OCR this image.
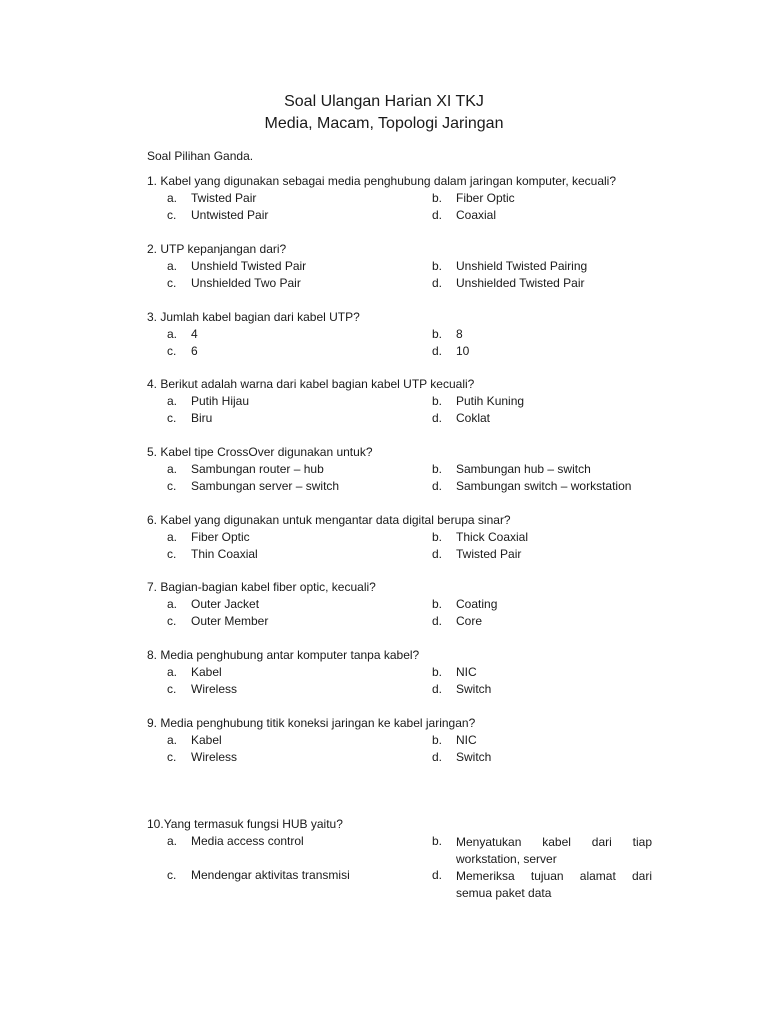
Soal Ulangan Harian XI TKJ
Media, Macam, Topologi Jaringan
Soal Pilihan Ganda.
1. Kabel yang digunakan sebagai media penghubung dalam jaringan komputer, kecuali?
a.	Twisted Pair	b.	Fiber Optic
c.	Untwisted Pair	d.	Coaxial
2. UTP kepanjangan dari?
a.	Unshield Twisted Pair	b.	Unshield Twisted Pairing
c.	Unshielded Two Pair	d.	Unshielded Twisted Pair
3. Jumlah kabel bagian dari kabel UTP?
a.	4	b.	8
c.	6	d.	10
4. Berikut adalah warna dari kabel bagian kabel UTP kecuali?
a.	Putih Hijau	b.	Putih Kuning
c.	Biru	d.	Coklat
5. Kabel tipe CrossOver digunakan untuk?
a.	Sambungan router – hub	b.	Sambungan hub – switch
c.	Sambungan server – switch	d.	Sambungan switch – workstation
6. Kabel yang digunakan untuk mengantar data digital berupa sinar?
a.	Fiber Optic	b.	Thick Coaxial
c.	Thin Coaxial	d.	Twisted Pair
7. Bagian-bagian kabel fiber optic, kecuali?
a.	Outer Jacket	b.	Coating
c.	Outer Member	d.	Core
8. Media penghubung antar komputer tanpa kabel?
a.	Kabel	b.	NIC
c.	Wireless	d.	Switch
9. Media penghubung titik koneksi jaringan ke kabel jaringan?
a.	Kabel	b.	NIC
c.	Wireless	d.	Switch
10.Yang termasuk fungsi HUB yaitu?
a.	Media access control	b.	Menyatukan kabel dari tiap workstation, server
c.	Mendengar aktivitas transmisi	d.	Memeriksa tujuan alamat dari semua paket data
